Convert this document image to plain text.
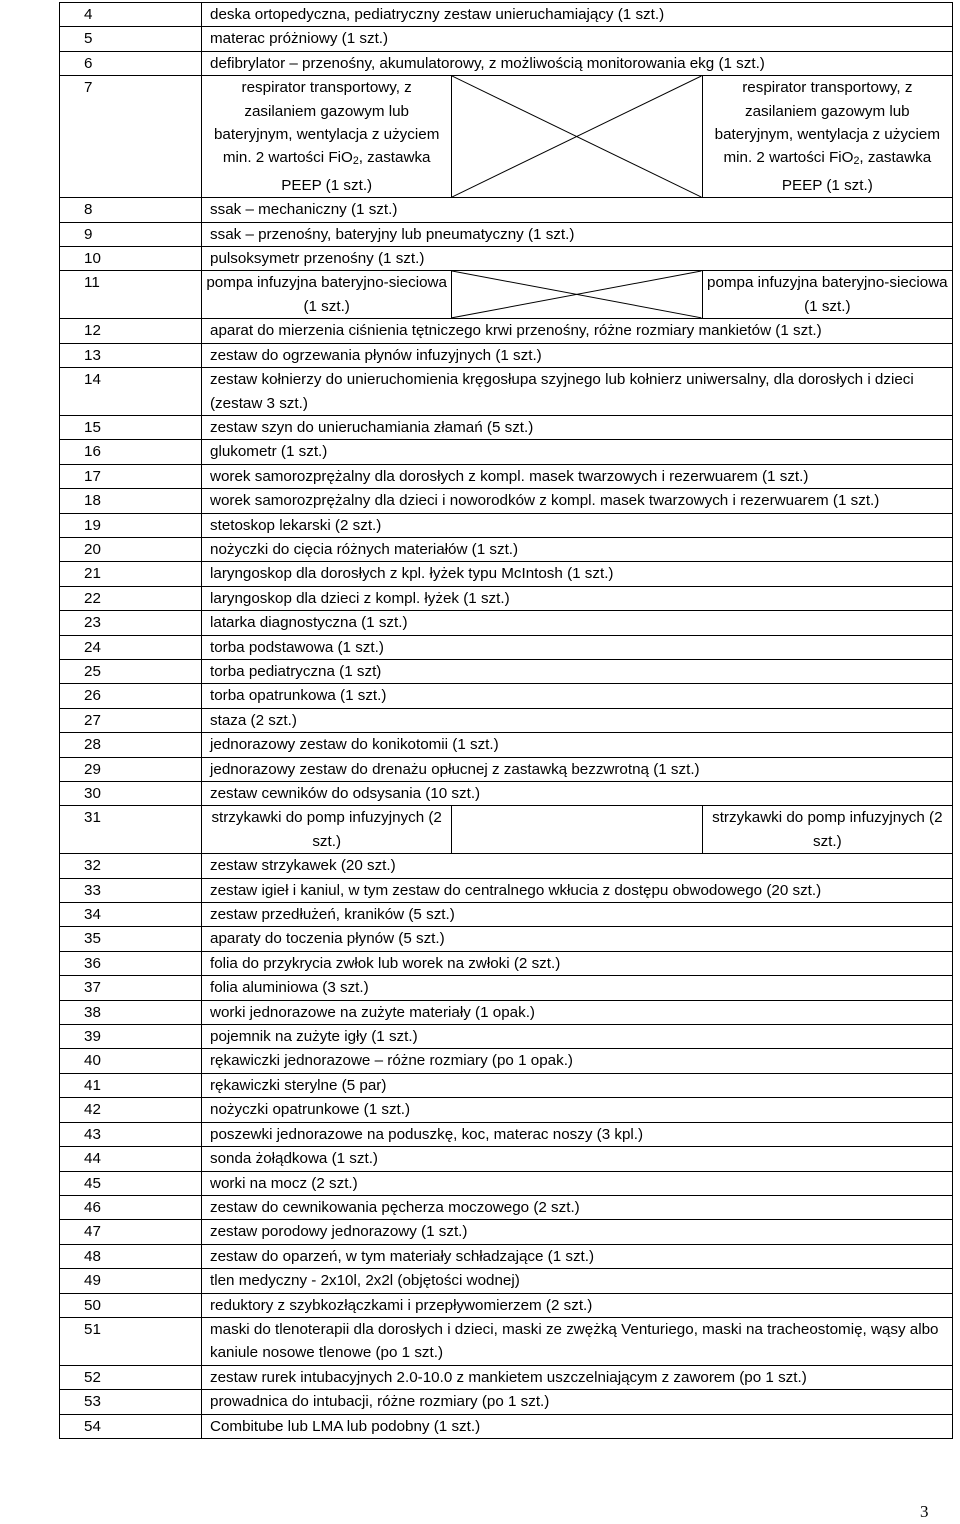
4	deska ortopedyczna, pediatryczny zestaw unieruchamiający (1 szt.)		
5	materac próżniowy (1 szt.)		
6	defibrylator – przenośny, akumulatorowy, z możliwością monitorowania ekg (1 szt.)		
7	respirator transportowy, z zasilaniem gazowym lub bateryjnym, wentylacja z użyciem min. 2 wartości FiO2, zastawka PEEP (1 szt.)		respirator transportowy, z zasilaniem gazowym lub bateryjnym, wentylacja z użyciem min. 2 wartości FiO2, zastawka PEEP (1 szt.)
8	ssak – mechaniczny (1 szt.)		
9	ssak – przenośny, bateryjny lub pneumatyczny (1 szt.)		
10	pulsoksymetr przenośny (1 szt.)		
11	pompa infuzyjna bateryjno-sieciowa (1 szt.)		pompa infuzyjna bateryjno-sieciowa (1 szt.)
12	aparat do mierzenia ciśnienia tętniczego krwi przenośny, różne rozmiary mankietów (1 szt.)		
13	zestaw do ogrzewania płynów infuzyjnych (1 szt.)		
14	zestaw kołnierzy do unieruchomienia kręgosłupa szyjnego lub kołnierz uniwersalny, dla dorosłych i dzieci (zestaw 3 szt.)		
15	zestaw szyn do unieruchamiania złamań (5 szt.)		
16	glukometr (1 szt.)		
17	worek samorozprężalny dla dorosłych z kompl. masek twarzowych i rezerwuarem (1 szt.)		
18	worek samorozprężalny dla dzieci i noworodków z kompl. masek twarzowych i rezerwuarem (1 szt.)		
19	stetoskop lekarski (2 szt.)		
20	nożyczki do cięcia różnych materiałów (1 szt.)		
21	laryngoskop dla dorosłych z kpl. łyżek typu McIntosh (1 szt.)		
22	laryngoskop dla dzieci z kompl. łyżek (1 szt.)		
23	latarka diagnostyczna (1 szt.)		
24	torba podstawowa (1 szt.)		
25	torba pediatryczna (1 szt)		
26	torba opatrunkowa (1 szt.)		
27	staza (2 szt.)		
28	jednorazowy zestaw do konikotomii (1 szt.)		
29	jednorazowy zestaw do drenażu opłucnej z zastawką bezzwrotną (1 szt.)		
30	zestaw cewników do odsysania (10 szt.)		
31	strzykawki do pomp infuzyjnych (2 szt.)		strzykawki do pomp infuzyjnych (2 szt.)
32	zestaw strzykawek (20 szt.)		
33	zestaw igieł i kaniul, w tym zestaw do centralnego wkłucia z dostępu obwodowego (20 szt.)		
34	zestaw przedłużeń, kraników (5 szt.)		
35	aparaty do toczenia płynów (5 szt.)		
36	folia do przykrycia zwłok lub worek na zwłoki (2 szt.)		
37	folia aluminiowa (3 szt.)		
38	worki jednorazowe na zużyte materiały (1 opak.)		
39	pojemnik na zużyte igły (1 szt.)		
40	rękawiczki jednorazowe – różne rozmiary (po 1 opak.)		
41	rękawiczki sterylne (5 par)		
42	nożyczki opatrunkowe (1 szt.)		
43	poszewki jednorazowe na poduszkę, koc, materac noszy (3 kpl.)		
44	sonda żołądkowa (1 szt.)		
45	worki na mocz (2 szt.)		
46	zestaw do cewnikowania pęcherza moczowego (2 szt.)		
47	zestaw porodowy jednorazowy (1 szt.)		
48	zestaw do oparzeń, w tym materiały schładzające (1 szt.)		
49	tlen medyczny - 2x10l, 2x2l (objętości wodnej)		
50	reduktory z szybkozłączkami i przepływomierzem (2 szt.)		
51	maski do tlenoterapii dla dorosłych i dzieci, maski ze zwężką Venturiego, maski na tracheostomię, wąsy albo kaniule nosowe tlenowe (po 1 szt.)		
52	zestaw rurek intubacyjnych 2.0-10.0 z mankietem uszczelniającym z zaworem (po 1 szt.)		
53	prowadnica do intubacji, różne rozmiary (po 1 szt.)		
54	Combitube lub LMA lub podobny (1 szt.)		
3
